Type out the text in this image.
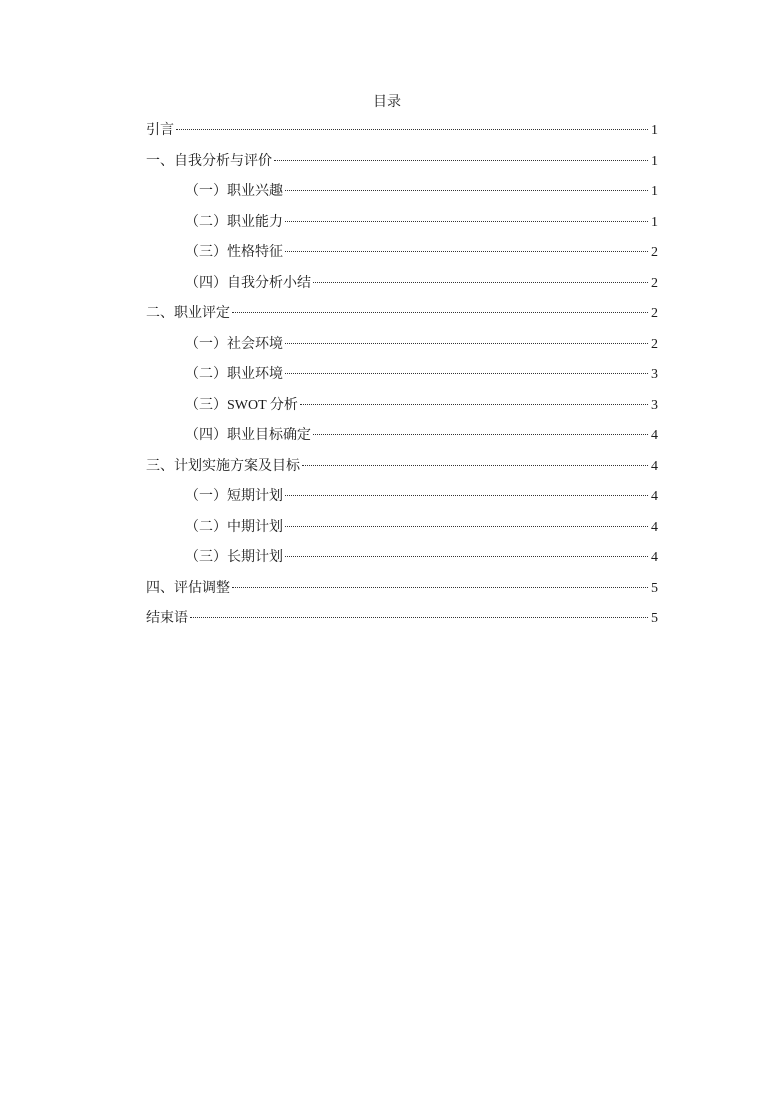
目录
引言	1
一、自我分析与评价	1
（一）职业兴趣	1
（二）职业能力	1
（三）性格特征	2
（四）自我分析小结	2
二、职业评定	2
（一）社会环境	2
（二）职业环境	3
（三）SWOT 分析	3
（四）职业目标确定	4
三、计划实施方案及目标	4
（一）短期计划	4
（二）中期计划	4
（三）长期计划	4
四、评估调整	5
结束语	5
